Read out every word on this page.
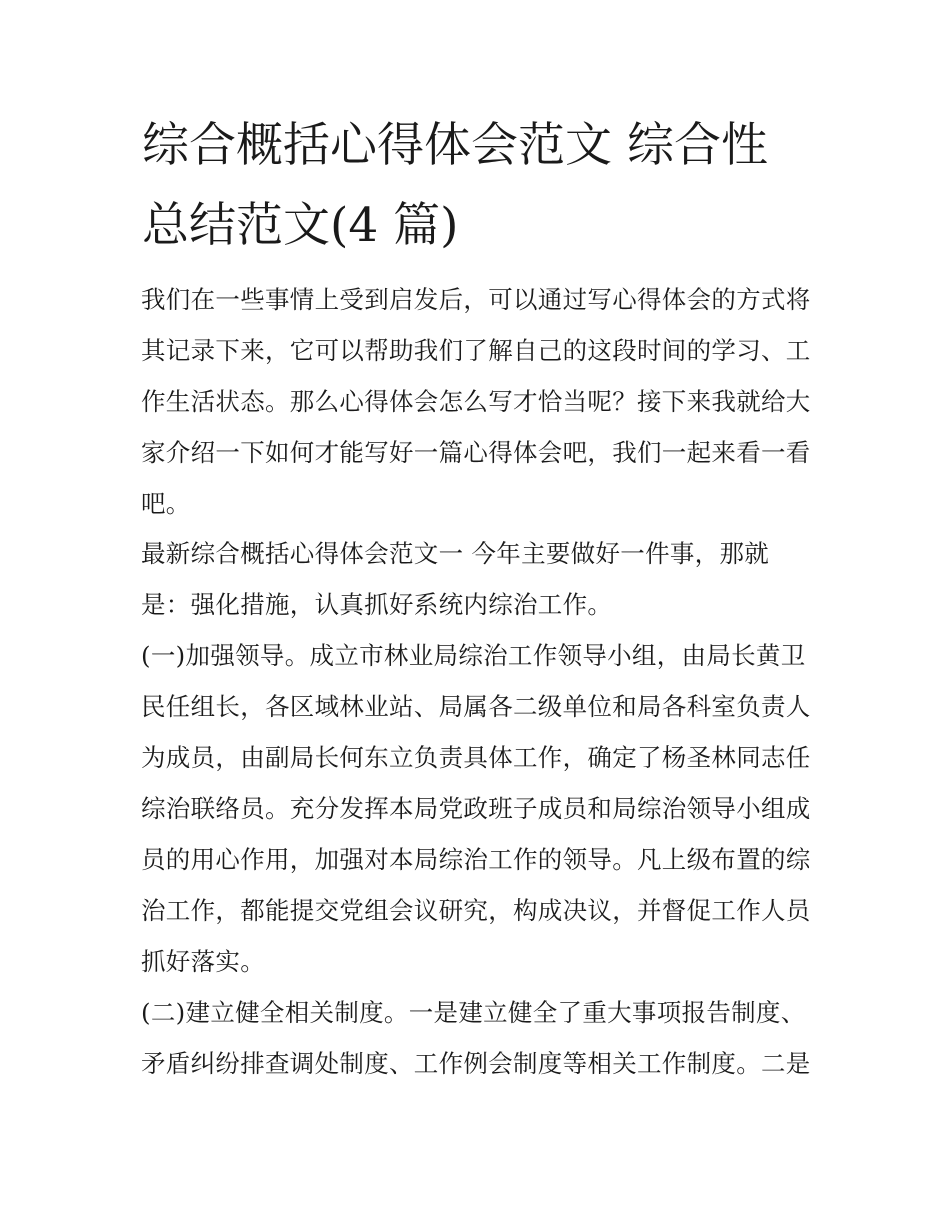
综合概括心得体会范文 综合性
总结范文(4 篇)
我们在一些事情上受到启发后，可以通过写心得体会的方式将
其记录下来，它可以帮助我们了解自己的这段时间的学习、工
作生活状态。那么心得体会怎么写才恰当呢？接下来我就给大
家介绍一下如何才能写好一篇心得体会吧，我们一起来看一看
吧。
最新综合概括心得体会范文一 今年主要做好一件事，那就
是：强化措施，认真抓好系统内综治工作。
(一)加强领导。成立市林业局综治工作领导小组，由局长黄卫
民任组长，各区域林业站、局属各二级单位和局各科室负责人
为成员，由副局长何东立负责具体工作，确定了杨圣林同志任
综治联络员。充分发挥本局党政班子成员和局综治领导小组成
员的用心作用，加强对本局综治工作的领导。凡上级布置的综
治工作，都能提交党组会议研究，构成决议，并督促工作人员
抓好落实。
(二)建立健全相关制度。一是建立健全了重大事项报告制度、
矛盾纠纷排查调处制度、工作例会制度等相关工作制度。二是
